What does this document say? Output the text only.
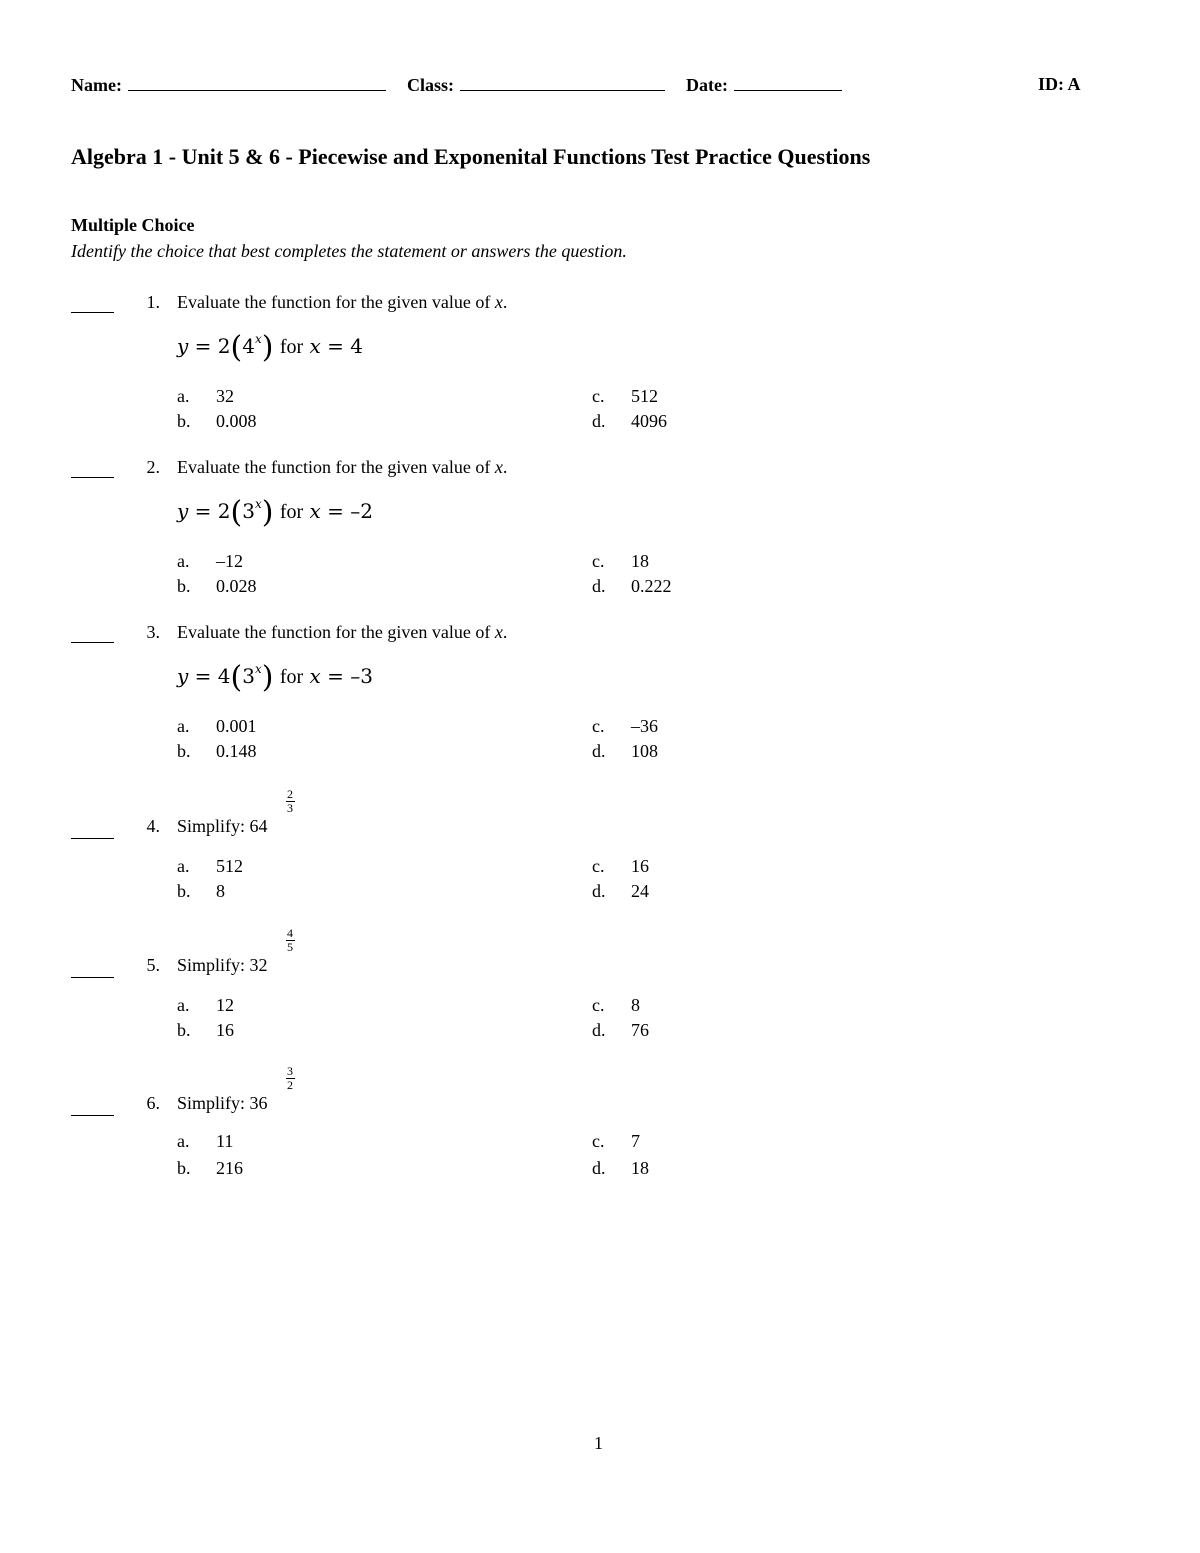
Name:	Class:	Date:	ID: A
Algebra 1 - Unit 5 & 6 - Piecewise and Exponenital Functions Test Practice Questions
Multiple Choice
Identify the choice that best completes the statement or answers the question.
1. Evaluate the function for the given value of x.
$y = 2(4^x)$ for x = 4
a. 32	c. 512
b. 0.008	d. 4096
2. Evaluate the function for the given value of x.
$y = 2(3^x)$ for x = –2
a. –12	c. 18
b. 0.028	d. 0.222
3. Evaluate the function for the given value of x.
$y = 4(3^x)$ for x = –3
a. 0.001	c. –36
b. 0.148	d. 108
4. Simplify: 64
2
3
a. 512	c. 16
b. 8	d. 24
5. Simplify: 32
4
5
a. 12	c. 8
b. 16	d. 76
6. Simplify: 36
3
2
a. 11	c. 7
b. 216	d. 18
1
